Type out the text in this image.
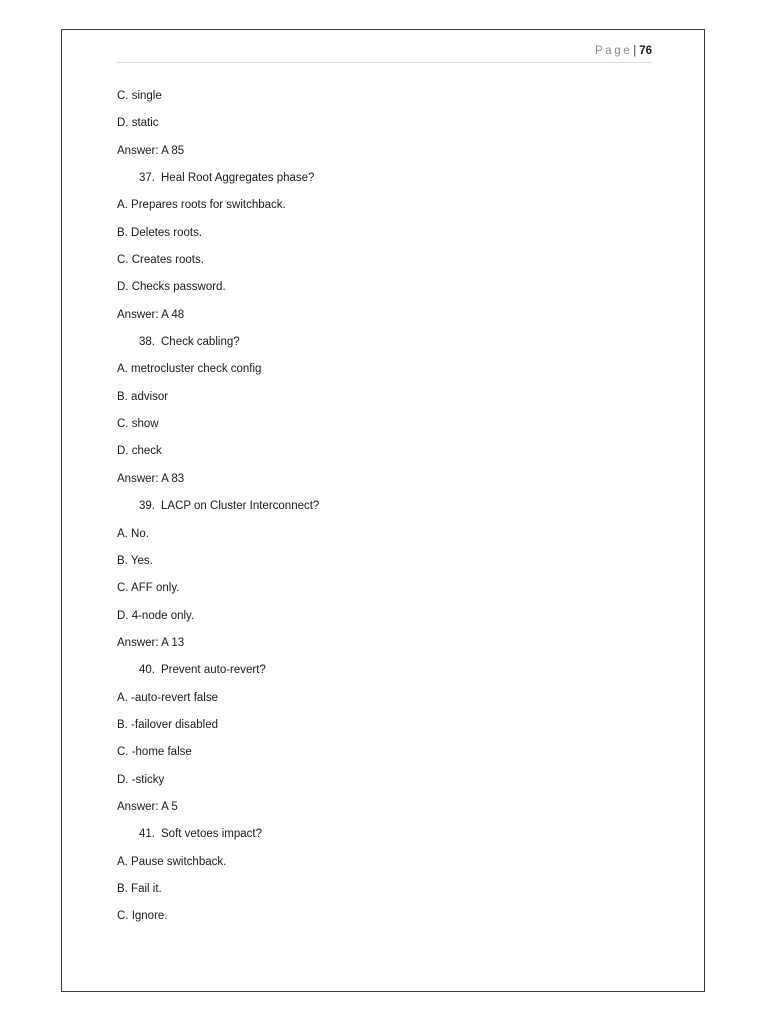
Page| 76
C. single
D. static
Answer: A 85
37. Heal Root Aggregates phase?
A. Prepares roots for switchback.
B. Deletes roots.
C. Creates roots.
D. Checks password.
Answer: A 48
38. Check cabling?
A. metrocluster check config
B. advisor
C. show
D. check
Answer: A 83
39. LACP on Cluster Interconnect?
A. No.
B. Yes.
C. AFF only.
D. 4-node only.
Answer: A 13
40. Prevent auto-revert?
A. -auto-revert false
B. -failover disabled
C. -home false
D. -sticky
Answer: A 5
41. Soft vetoes impact?
A. Pause switchback.
B. Fail it.
C. Ignore.
